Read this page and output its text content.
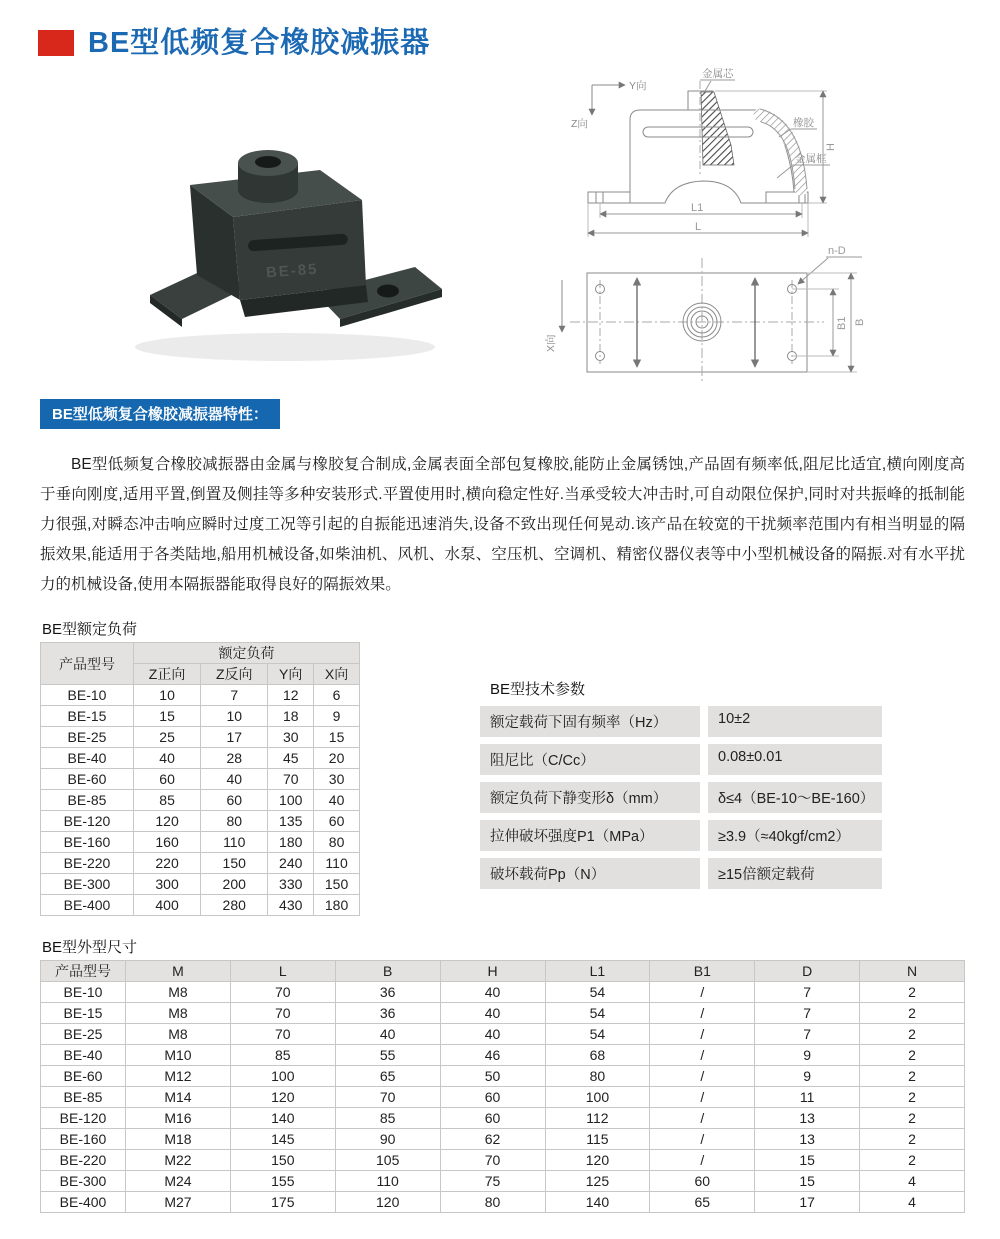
BE型低频复合橡胶减振器
BE-85
Y向
Z向
金属芯
橡胶
金属框
H
L1
L
X向
n-D
B1 B
BE型低频复合橡胶减振器特性：

BE型低频复合橡胶减振器由金属与橡胶复合制成,金属表面全部包复橡胶,能防止金属锈蚀,产品固有频率低,阻尼比适宜,横向刚度高于垂向刚度,适用平置,倒置及侧挂等多种安装形式.平置使用时,横向稳定性好.当承受较大冲击时,可自动限位保护,同时对共振峰的抵制能力很强,对瞬态冲击响应瞬时过度工况等引起的自振能迅速消失,设备不致出现任何晃动.该产品在较宽的干扰频率范围内有相当明显的隔振效果,能适用于各类陆地,船用机械设备,如柴油机、风机、水泵、空压机、空调机、精密仪器仪表等中小型机械设备的隔振.对有水平扰力的机械设备,使用本隔振器能取得良好的隔振效果。

BE型额定负荷
产品型号	额定负荷			
	Z正向	Z反向	Y向	X向
BE-10	10	7	12	6
BE-15	15	10	18	9
BE-25	25	17	30	15
BE-40	40	28	45	20
BE-60	60	40	70	30
BE-85	85	60	100	40
BE-120	120	80	135	60
BE-160	160	110	180	80
BE-220	220	150	240	110
BE-300	300	200	330	150
BE-400	400	280	430	180
BE型技术参数
额定载荷下固有频率（Hz）	10±2
阻尼比（C/Cc）	0.08±0.01
额定负荷下静变形δ（mm）	δ≤4（BE-10～BE-160）
拉伸破坏强度P1（MPa）	≥3.9（≈40kgf/cm2）
破坏载荷Pp（N）	≥15倍额定载荷
BE型外型尺寸
产品型号	M	L	B	H	L1	B1	D	N
BE-10	M8	70	36	40	54	/	7	2
BE-15	M8	70	36	40	54	/	7	2
BE-25	M8	70	40	40	54	/	7	2
BE-40	M10	85	55	46	68	/	9	2
BE-60	M12	100	65	50	80	/	9	2
BE-85	M14	120	70	60	100	/	11	2
BE-120	M16	140	85	60	112	/	13	2
BE-160	M18	145	90	62	115	/	13	2
BE-220	M22	150	105	70	120	/	15	2
BE-300	M24	155	110	75	125	60	15	4
BE-400	M27	175	120	80	140	65	17	4
